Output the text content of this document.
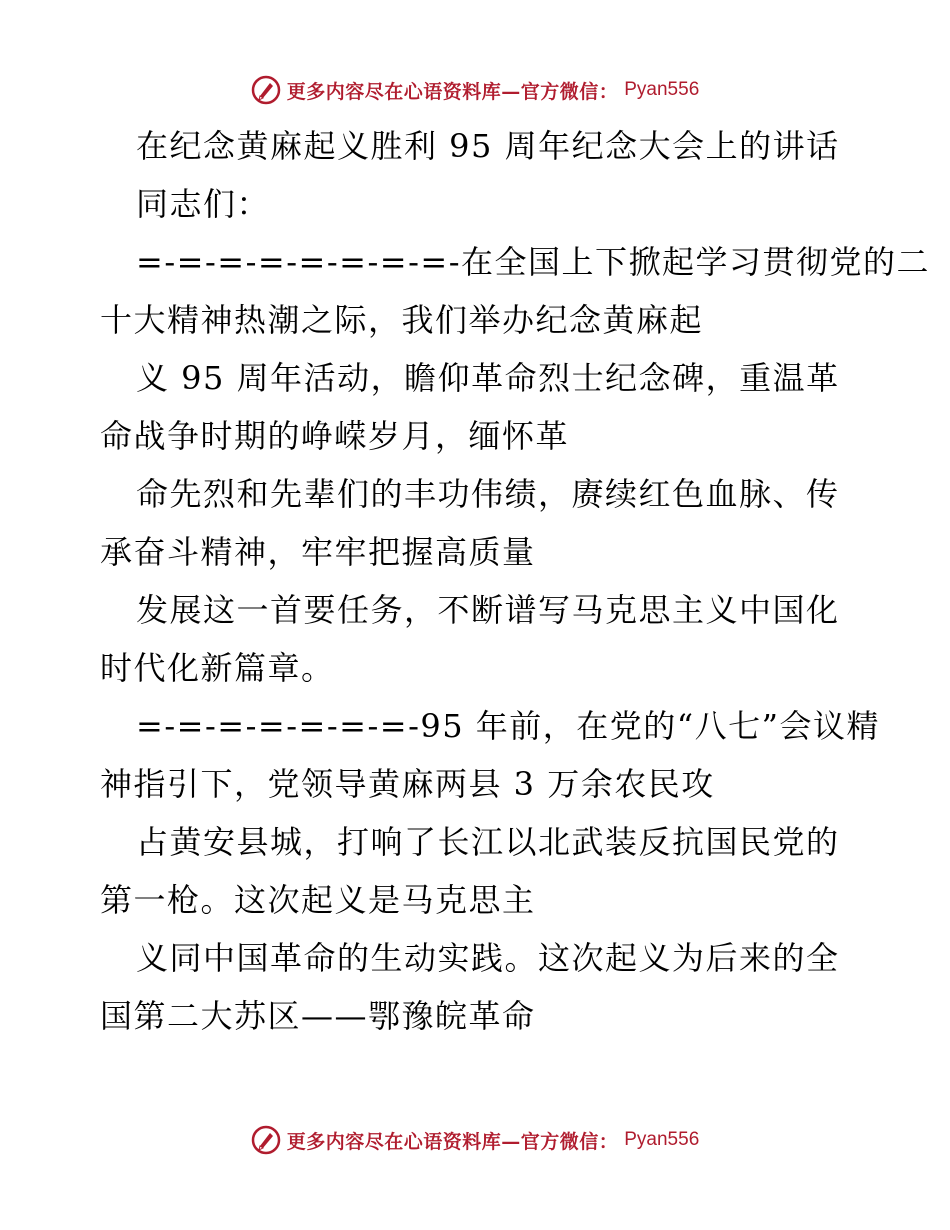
更多内容尽在心语资料库—官方微信： Pyan556
在纪念黄麻起义胜利 95 周年纪念大会上的讲话
同志们：
=-=-=-=-=-=-=-=-在全国上下掀起学习贯彻党的二
十大精神热潮之际，我们举办纪念黄麻起
义 95 周年活动，瞻仰革命烈士纪念碑，重温革
命战争时期的峥嵘岁月，缅怀革
命先烈和先辈们的丰功伟绩，赓续红色血脉、传
承奋斗精神，牢牢把握高质量
发展这一首要任务，不断谱写马克思主义中国化
时代化新篇章。
=-=-=-=-=-=-=-95 年前，在党的“八七”会议精
神指引下，党领导黄麻两县 3 万余农民攻
占黄安县城，打响了长江以北武装反抗国民党的
第一枪。这次起义是马克思主
义同中国革命的生动实践。这次起义为后来的全
国第二大苏区——鄂豫皖革命
更多内容尽在心语资料库—官方微信： Pyan556
